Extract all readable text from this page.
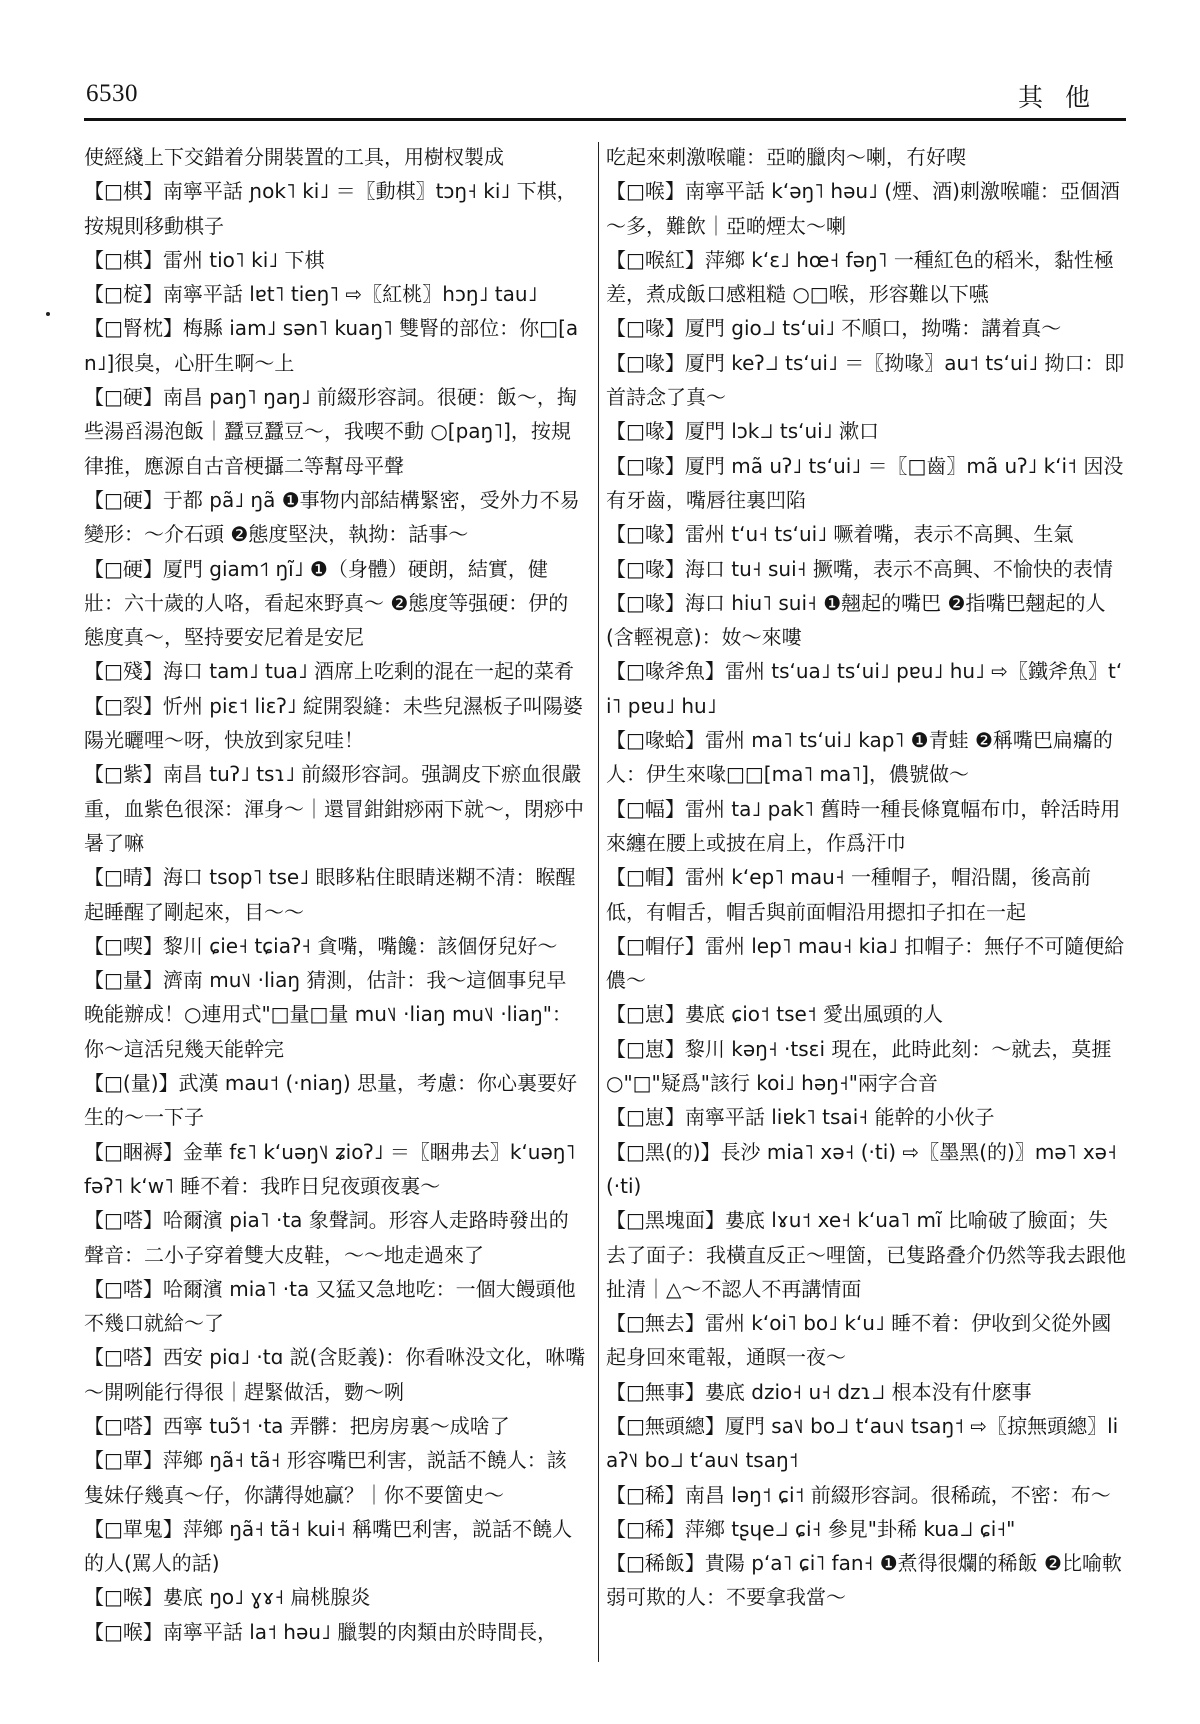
6530	其他
使經綫上下交錯着分開裝置的工具，用樹杈製成
【□棋】南寧平話 ɲok˥ ki˩ ＝〖動棋〗tɔŋ˧ ki˩ 下棋，按規則移動棋子
【□棋】雷州 tio˥ ki˩ 下棋
【□椗】南寧平話 lɐt˥ tieŋ˥ ⇨〖紅桃〗hɔŋ˩ tau˩
【□腎枕】梅縣 iam˩ sən˥ kuaŋ˥ 雙腎的部位：你□[an˩]很臭，心肝生啊～上
【□硬】南昌 paŋ˥ ŋaŋ˩ 前綴形容詞。很硬：飯～，掏些湯舀湯泡飯｜蠶豆蠶豆～，我喫不動 ○[paŋ˥]，按規律推，應源自古音梗攝二等幫母平聲
【□硬】于都 pã˩ ŋã ❶事物内部結構緊密，受外力不易變形：～介石頭 ❷態度堅決，執拗：話事～
【□硬】厦門 giam˦˥ ŋĩ˩ ❶（身體）硬朗，結實，健壯：六十歲的人咯，看起來野真～ ❷態度等强硬：伊的態度真～，堅持要安尼着是安尼
【□殘】海口 tam˩ tua˩ 酒席上吃剩的混在一起的菜肴
【□裂】忻州 piɛ˦ liɛʔ˩ 綻開裂縫：未些兒濕板子叫陽婆陽光曬哩～呀，快放到家兒哇！
【□紫】南昌 tuʔ˩ tsɿ˩ 前綴形容詞。强調皮下瘀血很嚴重，血紫色很深：渾身～｜還冒鉗鉗痧兩下就～，閉痧中暑了嘛
【□晴】海口 tsop˥ tse˩ 眼眵粘住眼睛迷糊不清：睺醒起睡醒了剛起來，目～～
【□喫】黎川 ɕie˧ tɕiaʔ˧ 貪嘴，嘴饞：該個伢兒好～
【□量】濟南 mu˥˩ ·liaŋ 猜測，估計：我～這個事兒早晚能辦成！○連用式"□量□量 mu˥˩ ·liaŋ mu˥˩ ·liaŋ"：你～這活兒幾天能幹完
【□(量)】武漢 mau˦ (·niaŋ) 思量，考慮：你心裏要好生的～一下子
【□睏褥】金華 fɛ˥ kʻuəŋ˥˩ ʑioʔ˩ ＝〖睏弗去〗kʻuəŋ˥ fəʔ˥ kʻw˥ 睡不着：我昨日兒夜頭夜裏～
【□嗒】哈爾濱 pia˥ ·ta 象聲詞。形容人走路時發出的聲音：二小子穿着雙大皮鞋，～～地走過來了
【□嗒】哈爾濱 mia˥ ·ta 又猛又急地吃：一個大饅頭他不幾口就給～了
【□嗒】西安 piɑ˩ ·tɑ 説(含貶義)：你看咻没文化，咻嘴～開咧能行得很｜趕緊做活，覅～咧
【□嗒】西寧 tuɔ̃˦ ·ta 弄髒：把房房裏～成啥了
【□單】萍鄉 ŋã˧ tã˧ 形容嘴巴利害，説話不饒人：該隻妹仔幾真～仔，你講得她贏？｜你不要箇史～
【□單鬼】萍鄉 ŋã˧ tã˧ kui˧ 稱嘴巴利害，説話不饒人的人(駡人的話)
【□喉】婁底 ŋo˩ ɣɤ˧ 扁桃腺炎
【□喉】南寧平話 la˦ həu˩ 臘製的肉類由於時間長，
吃起來刺激喉嚨：亞啲臘肉～喇，冇好喫
【□喉】南寧平話 kʻəŋ˥ həu˩ (煙、酒)刺激喉嚨：亞個酒～多，難飲｜亞啲煙太～喇
【□喉紅】萍鄉 kʻɛ˩ hœ˧ fəŋ˥ 一種紅色的稻米，黏性極差，煮成飯口感粗糙 ○□喉，形容難以下嚥
【□喙】厦門 gio˩˩ tsʻui˩ 不順口，拗嘴：講着真～
【□喙】厦門 keʔ˩˩ tsʻui˩ ＝〖拗喙〗au˦ tsʻui˩ 拗口：即首詩念了真～
【□喙】厦門 lɔk˩˩ tsʻui˩ 漱口
【□喙】厦門 mã uʔ˩ tsʻui˩ ＝〖□齒〗mã uʔ˩ kʻi˦ 因没有牙齒，嘴唇往裏凹陷
【□喙】雷州 tʻu˧ tsʻui˩ 噘着嘴，表示不高興、生氣
【□喙】海口 tu˧ sui˧ 撅嘴，表示不高興、不愉快的表情
【□喙】海口 hiu˥ sui˧ ❶翹起的嘴巴 ❷指嘴巴翹起的人(含輕視意)：奻～來嘍
【□喙斧魚】雷州 tsʻua˩ tsʻui˩ pɐu˩ hu˩ ⇨〖鐵斧魚〗tʻi˥ pɐu˩ hu˩
【□喙蛤】雷州 ma˥ tsʻui˩ kap˥ ❶青蛙 ❷稱嘴巴扁癟的人：伊生來喙□□[ma˥ ma˥]，儂號做～
【□幅】雷州 ta˩ pak˥ 舊時一種長條寬幅布巾，幹活時用來纏在腰上或披在肩上，作爲汗巾
【□帽】雷州 kʻep˥ mau˧ 一種帽子，帽沿闊，後高前低，有帽舌，帽舌與前面帽沿用摁扣子扣在一起
【□帽仔】雷州 lep˥ mau˧ kia˩ 扣帽子：無仔不可隨便給儂～
【□崽】婁底 ɕio˦ tse˦ 愛出風頭的人
【□崽】黎川 kəŋ˧ ·tsɛi 現在，此時此刻：～就去，莫捱 ○"□"疑爲"該行 koi˩ həŋ˧"兩字合音
【□崽】南寧平話 liɐk˥ tsai˧ 能幹的小伙子
【□黑(的)】長沙 mia˥ xə˧ (·ti) ⇨〖墨黑(的)〗mə˥ xə˧ (·ti)
【□黑塊面】婁底 lɤu˦ xe˧ kʻua˥ mĩ 比喻破了臉面；失去了面子：我橫直反正～哩箇，已隻路叠介仍然等我去跟他扯清｜△～不認人不再講情面
【□無去】雷州 kʻoi˥ bo˩ kʻu˩ 睡不着：伊收到父從外國起身回來電報，通暝一夜～
【□無事】婁底 dzio˧ u˧ dzɿ˩˩ 根本没有什麽事
【□無頭總】厦門 sa˥˩ bo˩˩ tʻau˦˩ tsaŋ˦ ⇨〖掠無頭總〗liaʔ˥˩ bo˩˩ tʻau˦˩ tsaŋ˦
【□稀】南昌 ləŋ˦ ɕi˦ 前綴形容詞。很稀疏，不密：布～
【□稀】萍鄉 tʂɥe˩˩ ɕi˧ 參見"卦稀 kua˩˩ ɕi˧"
【□稀飯】貴陽 pʻa˥ ɕi˥ fan˧ ❶煮得很爛的稀飯 ❷比喻軟弱可欺的人：不要拿我當～
